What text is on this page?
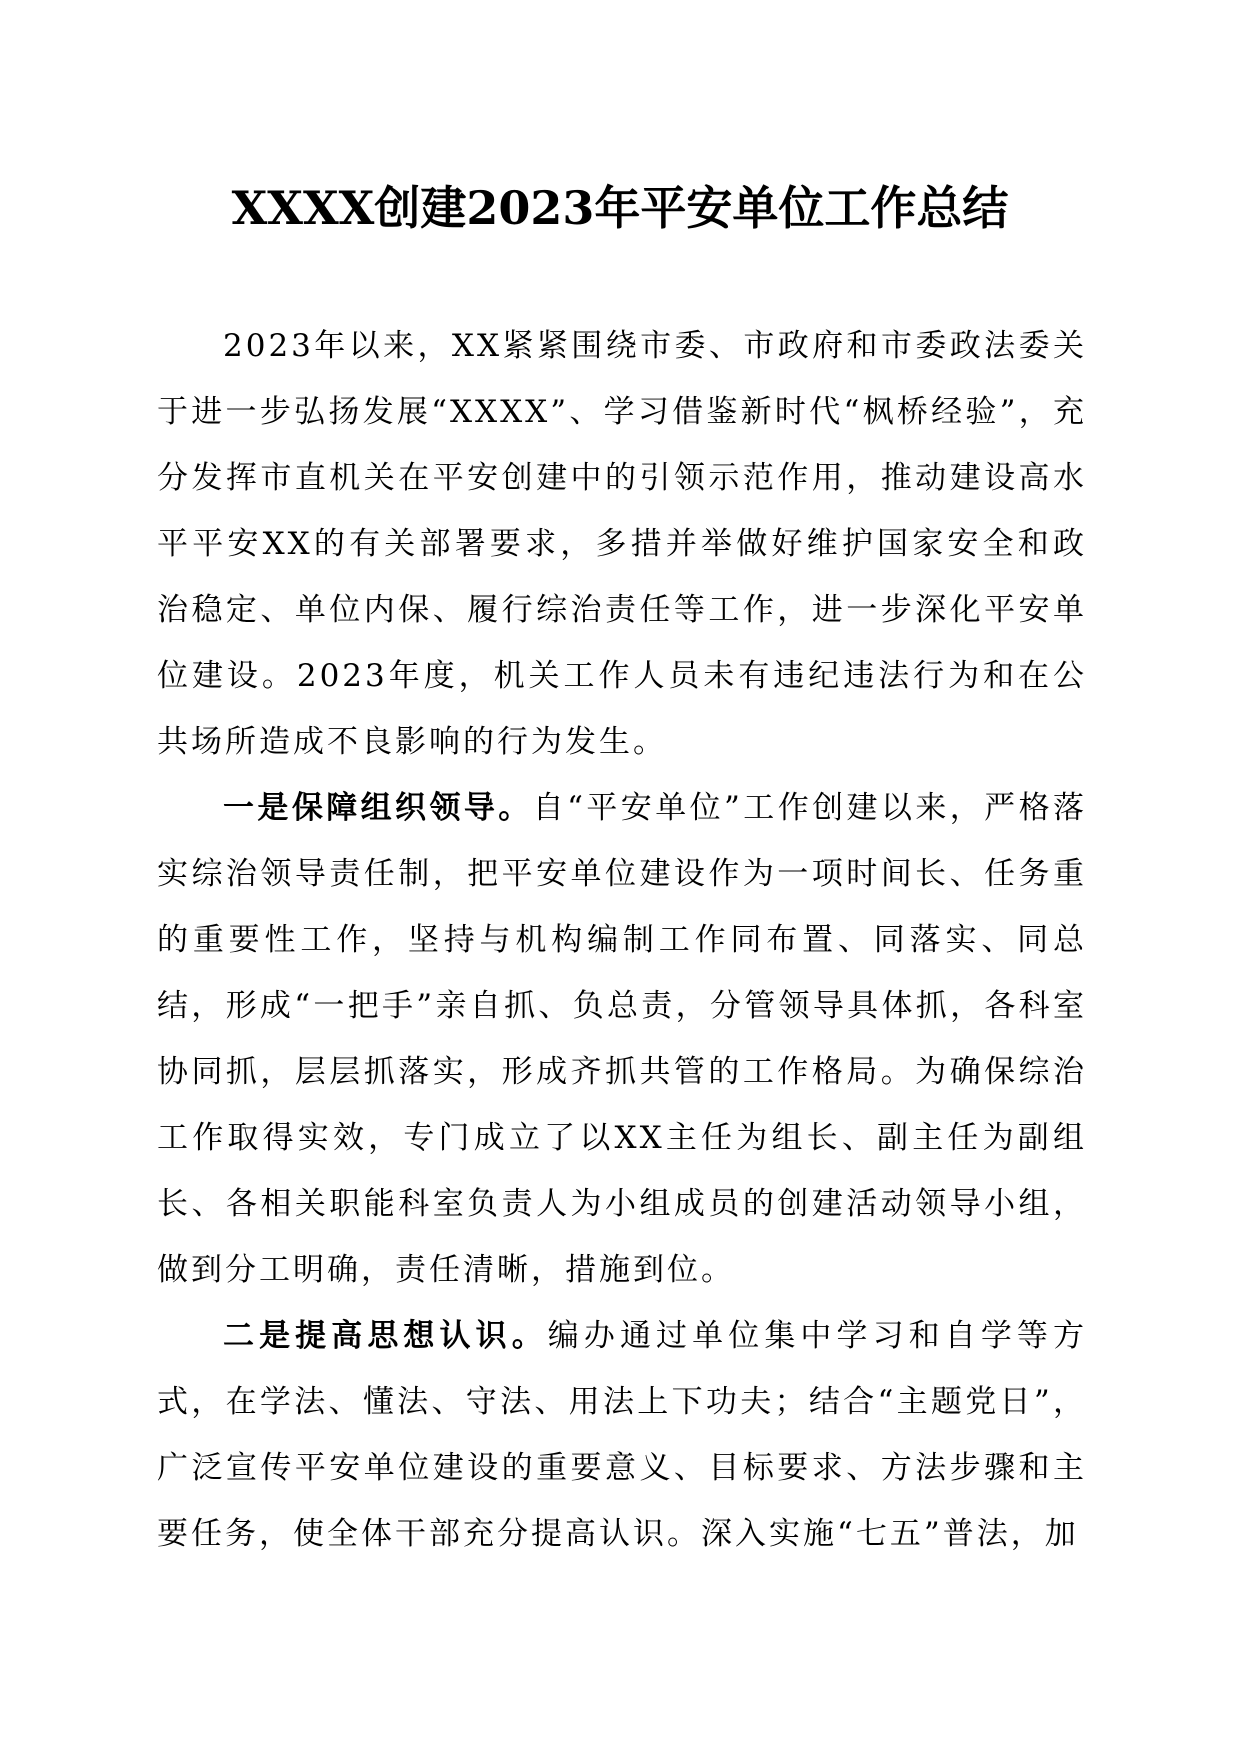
XXXX创建2023年平安单位工作总结

2023年以来，XX紧紧围绕市委、市政府和市委政法委关于进一步弘扬发展“XXXX”、学习借鉴新时代“枫桥经验”，充分发挥市直机关在平安创建中的引领示范作用，推动建设高水平平安XX的有关部署要求，多措并举做好维护国家安全和政治稳定、单位内保、履行综治责任等工作，进一步深化平安单位建设。2023年度，机关工作人员未有违纪违法行为和在公共场所造成不良影响的行为发生。

一是保障组织领导。自“平安单位”工作创建以来，严格落实综治领导责任制，把平安单位建设作为一项时间长、任务重的重要性工作，坚持与机构编制工作同布置、同落实、同总结，形成“一把手”亲自抓、负总责，分管领导具体抓，各科室协同抓，层层抓落实，形成齐抓共管的工作格局。为确保综治工作取得实效，专门成立了以XX主任为组长、副主任为副组长、各相关职能科室负责人为小组成员的创建活动领导小组，做到分工明确，责任清晰，措施到位。

二是提高思想认识。编办通过单位集中学习和自学等方式，在学法、懂法、守法、用法上下功夫；结合“主题党日”，广泛宣传平安单位建设的重要意义、目标要求、方法步骤和主要任务，使全体干部充分提高认识。深入实施“七五”普法，加
